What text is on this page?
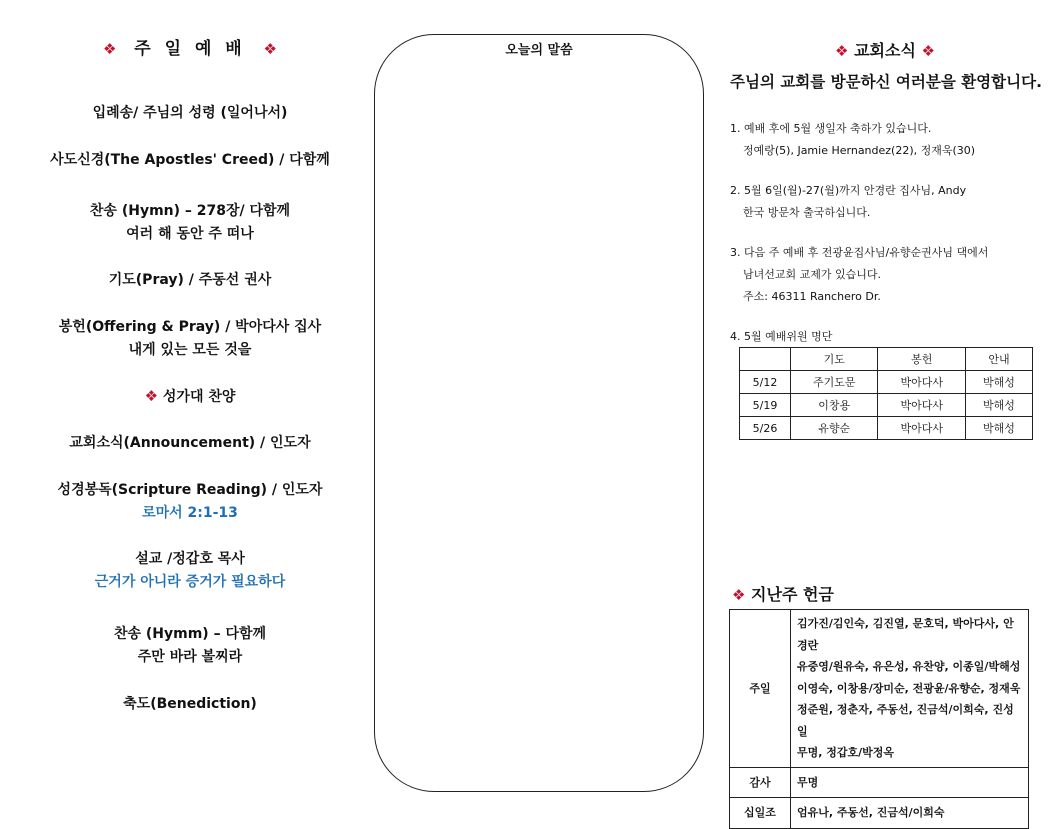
❖ 주 일 예 배 ❖
입례송/ 주님의 성령 (일어나서)
사도신경(The Apostles' Creed) / 다함께
찬송 (Hymn) – 278장/ 다함께
여러 해 동안 주 떠나
기도(Pray) / 주동선 권사
봉헌(Offering & Pray) / 박아다사 집사
내게 있는 모든 것을
❖ 성가대 찬양
교회소식(Announcement) / 인도자
성경봉독(Scripture Reading) / 인도자
로마서 2:1-13
설교 /정갑호 목사
근거가 아니라 증거가 필요하다
찬송 (Hymm) – 다함께
주만 바라 볼찌라
축도(Benediction)
오늘의 말씀	❖ 교회소식 ❖
주님의 교회를 방문하신 여러분을 환영합니다.
1. 예배 후에 5월 생일자 축하가 있습니다.
정예랑(5), Jamie Hernandez(22), 정재욱(30)
2. 5월 6일(월)-27(월)까지 안경란 집사님, Andy
한국 방문차 출국하십니다.
3. 다음 주 예배 후 전광윤집사님/유향순권사님 댁에서
남녀선교회 교제가 있습니다.
주소: 46311 Ranchero Dr.
4. 5월 예배위원 명단
	기도	봉헌	안내
5/12	주기도문	박아다사	박해성
5/19	이창용	박아다사	박해성
5/26	유향순	박아다사	박해성
❖ 지난주 헌금
주일	김가진/김인숙, 김진열, 문호덕, 박아다사, 안경란
유중영/원유숙, 유은성, 유찬양, 이종일/박해성
이영숙, 이창용/장미순, 전광윤/유향순, 정재욱
정준원, 정춘자, 주동선, 진금석/이희숙, 진성일
무명, 정갑호/박정옥

감사	무명

십일조	엄유나, 주동선, 진금석/이희숙
